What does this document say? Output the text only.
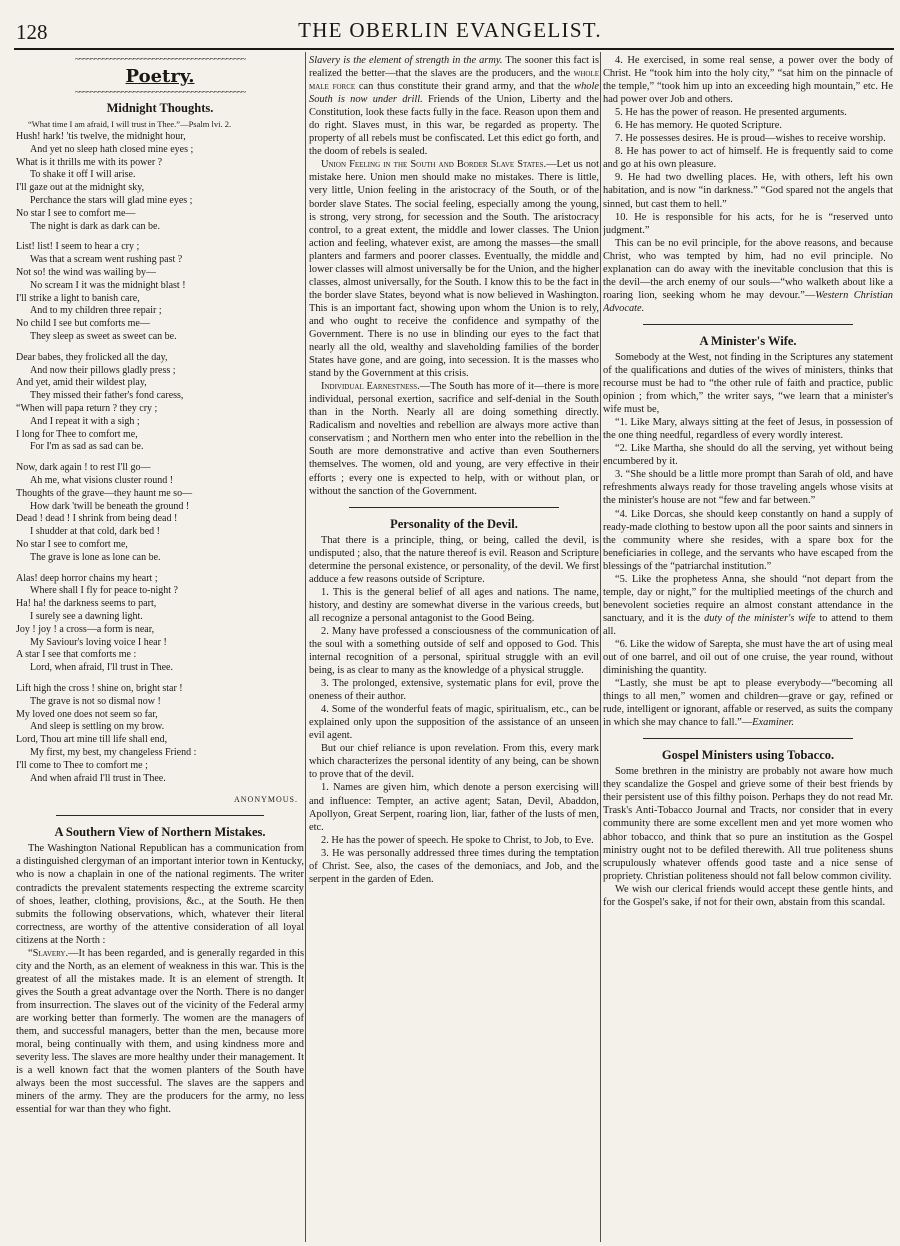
128	THE OBERLIN EVANGELIST.
~~~~~~~~~~~~~~~~~~~~~~~~~~~~~~~~~~~~~~~~~~~~
Poetry.
~~~~~~~~~~~~~~~~~~~~~~~~~~~~~~~~~~~~~~~~~~~~
Midnight Thoughts.

“What time I am afraid, I will trust in Thee.”—Psalm lvi. 2.

Hush! hark! 'tis twelve, the midnight hour,
And yet no sleep hath closed mine eyes ;
What is it thrills me with its power ?
To shake it off I will arise.
I'll gaze out at the midnight sky,
Perchance the stars will glad mine eyes ;
No star I see to comfort me—
The night is dark as dark can be.
List! list! I seem to hear a cry ;
Was that a scream went rushing past ?
Not so! the wind was wailing by—
No scream I it was the midnight blast !
I'll strike a light to banish care,
And to my children three repair ;
No child I see but comforts me—
They sleep as sweet as sweet can be.
Dear babes, they frolicked all the day,
And now their pillows gladly press ;
And yet, amid their wildest play,
They missed their father's fond caress,
“When will papa return ? they cry ;
And I repeat it with a sigh ;
I long for Thee to comfort me,
For I'm as sad as sad can be.
Now, dark again ! to rest I'll go—
Ah me, what visions cluster round !
Thoughts of the grave—they haunt me so—
How dark 'twill be beneath the ground !
Dead ! dead ! I shrink from being dead !
I shudder at that cold, dark bed !
No star I see to comfort me,
The grave is lone as lone can be.
Alas! deep horror chains my heart ;
Where shall I fly for peace to-night ?
Ha! ha! the darkness seems to part,
I surely see a dawning light.
Joy ! joy ! a cross—a form is near,
My Saviour's loving voice I hear !
A star I see that comforts me :
Lord, when afraid, I'll trust in Thee.
Lift high the cross ! shine on, bright star !
The grave is not so dismal now !
My loved one does not seem so far,
And sleep is settling on my brow.
Lord, Thou art mine till life shall end,
My first, my best, my changeless Friend :
I'll come to Thee to comfort me ;
And when afraid I'll trust in Thee.
ANONYMOUS.
A Southern View of Northern Mistakes.

The Washington National Republican has a communication from a distinguished clergyman of an important interior town in Kentucky, who is now a chaplain in one of the national regiments. The writer contradicts the prevalent statements respecting the extreme scarcity of shoes, leather, clothing, provisions, &c., at the South. He then submits the following observations, which, whatever their literal correctness, are worthy of the attentive consideration of all loyal citizens at the North :

“Slavery.—It has been regarded, and is generally regarded in this city and the North, as an element of weakness in this war. This is the greatest of all the mistakes made. It is an element of strength. It gives the South a great advantage over the North. There is no danger from insurrection. The slaves out of the vicinity of the Federal army are working better than formerly. The women are the managers of them, and successful managers, better than the men, because more moral, being continually with them, and using kindness more and severity less. The slaves are more healthy under their management. It is a well known fact that the women planters of the South have always been the most successful. The slaves are the sappers and miners of the army. They are the producers for the army, no less essential for war than they who fight.

Slavery is the element of strength in the army. The sooner this fact is realized the better—that the slaves are the producers, and the whole male force can thus constitute their grand army, and that the whole South is now under drill. Friends of the Union, Liberty and the Constitution, look these facts fully in the face. Reason upon them and do right. Slaves must, in this war, be regarded as property. The property of all rebels must be confiscated. Let this edict go forth, and the doom of rebels is sealed.

Union Feeling in the South and Border Slave States.—Let us not mistake here. Union men should make no mistakes. There is little, very little, Union feeling in the aristocracy of the South, or of the border slave States. The social feeling, especially among the young, is strong, very strong, for secession and the South. The aristocracy control, to a great extent, the middle and lower classes. The Union action and feeling, whatever exist, are among the masses—the small planters and farmers and poorer classes. Eventually, the middle and lower classes will almost universally be for the Union, and the higher classes, almost universally, for the South. I know this to be the fact in the border slave States, beyond what is now believed in Washington. This is an important fact, showing upon whom the Union is to rely, and who ought to receive the confidence and sympathy of the Government. There is no use in blinding our eyes to the fact that nearly all the old, wealthy and slaveholding families of the border States have gone, and are going, into secession. It is the masses who stand by the Government at this crisis.

Individual Earnestness.—The South has more of it—there is more individual, personal exertion, sacrifice and self-denial in the South than in the North. Nearly all are doing something directly. Radicalism and novelties and rebellion are always more active than conservatism ; and Northern men who enter into the rebellion in the South are more demonstrative and active than even Southerners themselves. The women, old and young, are very effective in their efforts ; every one is expected to help, with or without plan, or without the sanction of the Government.

Personality of the Devil.

That there is a principle, thing, or being, called the devil, is undisputed ; also, that the nature thereof is evil. Reason and Scripture determine the personal existence, or personality, of the devil. We first adduce a few reasons outside of Scripture.

1. This is the general belief of all ages and nations. The name, history, and destiny are somewhat diverse in the various creeds, but all recognize a personal antagonist to the Good Being.

2. Many have professed a consciousness of the communication of the soul with a something outside of self and opposed to God. This internal recognition of a personal, spiritual struggle with an evil being, is as clear to many as the knowledge of a physical struggle.

3. The prolonged, extensive, systematic plans for evil, prove the oneness of their author.

4. Some of the wonderful feats of magic, spiritualism, etc., can be explained only upon the supposition of the assistance of an unseen evil agent.

But our chief reliance is upon revelation. From this, every mark which characterizes the personal identity of any being, can be shown to prove that of the devil.

1. Names are given him, which denote a person exercising will and influence: Tempter, an active agent; Satan, Devil, Abaddon, Apollyon, Great Serpent, roaring lion, liar, father of the lusts of men, etc.

2. He has the power of speech. He spoke to Christ, to Job, to Eve.

3. He was personally addressed three times during the temptation of Christ. See, also, the cases of the demoniacs, and Job, and the serpent in the garden of Eden.

4. He exercised, in some real sense, a power over the body of Christ. He “took him into the holy city,” “sat him on the pinnacle of the temple,” “took him up into an exceeding high mountain,” etc. He had power over Job and others.

5. He has the power of reason. He presented arguments.

6. He has memory. He quoted Scripture.

7. He possesses desires. He is proud—wishes to receive worship.

8. He has power to act of himself. He is frequently said to come and go at his own pleasure.

9. He had two dwelling places. He, with others, left his own habitation, and is now “in darkness.” “God spared not the angels that sinned, but cast them to hell.”

10. He is responsible for his acts, for he is “reserved unto judgment.”

This can be no evil principle, for the above reasons, and because Christ, who was tempted by him, had no evil principle. No explanation can do away with the inevitable conclusion that this is the devil—the arch enemy of our souls—“who walketh about like a roaring lion, seeking whom he may devour.”—Western Christian Advocate.

A Minister's Wife.

Somebody at the West, not finding in the Scriptures any statement of the qualifications and duties of the wives of ministers, thinks that recourse must be had to “the other rule of faith and practice, public opinion ; from which,” the writer says, “we learn that a minister's wife must be,

“1. Like Mary, always sitting at the feet of Jesus, in possession of the one thing needful, regardless of every wordly interest.

“2. Like Martha, she should do all the serving, yet without being encumbered by it.

3. “She should be a little more prompt than Sarah of old, and have refreshments always ready for those traveling angels whose visits at the minister's house are not “few and far between.”

“4. Like Dorcas, she should keep constantly on hand a supply of ready-made clothing to bestow upon all the poor saints and sinners in the community where she resides, with a spare box for the beneficiaries in college, and the servants who have escaped from the blessings of the “patriarchal institution.”

“5. Like the prophetess Anna, she should “not depart from the temple, day or night,” for the multiplied meetings of the church and benevolent societies require an almost constant attendance in the sanctuary, and it is the duty of the minister's wife to attend to them all.

“6. Like the widow of Sarepta, she must have the art of using meal out of one barrel, and oil out of one cruise, the year round, without diminishing the quantity.

“Lastly, she must be apt to please everybody—“becoming all things to all men,” women and children—grave or gay, refined or rude, intelligent or ignorant, affable or reserved, as suits the company in which she may chance to fall.”—Examiner.

Gospel Ministers using Tobacco.

Some brethren in the ministry are probably not aware how much they scandalize the Gospel and grieve some of their best friends by their persistent use of this filthy poison. Perhaps they do not read Mr. Trask's Anti-Tobacco Journal and Tracts, nor consider that in every community there are some excellent men and yet more women who abhor tobacco, and think that so pure an institution as the Gospel ministry ought not to be defiled therewith. All true politeness shuns scrupulously whatever offends good taste and a nice sense of propriety. Christian politeness should not fall below common civility.

We wish our clerical friends would accept these gentle hints, and for the Gospel's sake, if not for their own, abstain from this scandal.
